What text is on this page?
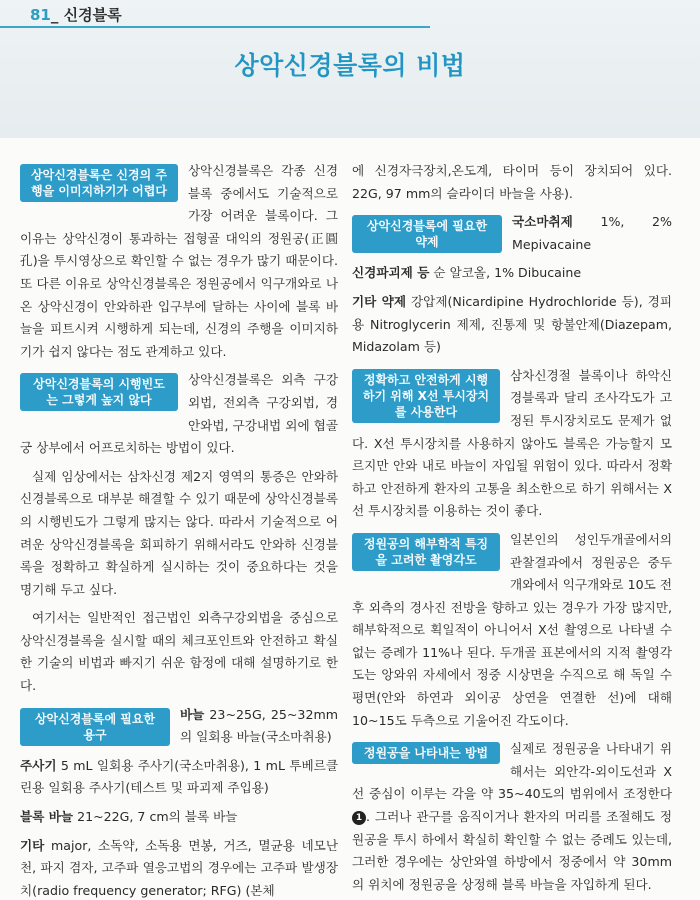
81_ 신경블록
상악신경블록의 비법
상악신경블록은 신경의 주행을 이미지하기가 어렵다

상악신경블록은 각종 신경블록 중에서도 기술적으로 가장 어려운 블록이다. 그 이유는 상악신경이 통과하는 접형골 대익의 정원공(正圓孔)을 투시영상으로 확인할 수 없는 경우가 많기 때문이다. 또 다른 이유로 상악신경블록은 정원공에서 익구개와로 나온 상악신경이 안와하관 입구부에 달하는 사이에 블록 바늘을 피트시켜 시행하게 되는데, 신경의 주행을 이미지하기가 쉽지 않다는 점도 관계하고 있다.

상악신경블록의 시행빈도는 그렇게 높지 않다

상악신경블록은 외측 구강외법, 전외측 구강외법, 경안와법, 구강내법 외에 협골궁 상부에서 어프로치하는 방법이 있다.

실제 임상에서는 삼차신경 제2지 영역의 통증은 안와하 신경블록으로 대부분 해결할 수 있기 때문에 상악신경블록의 시행빈도가 그렇게 많지는 않다. 따라서 기술적으로 어려운 상악신경블록을 회피하기 위해서라도 안와하 신경블록을 정확하고 확실하게 실시하는 것이 중요하다는 것을 명기해 두고 싶다.

여기서는 일반적인 접근법인 외측구강외법을 중심으로 상악신경블록을 실시할 때의 체크포인트와 안전하고 확실한 기술의 비법과 빠지기 쉬운 함정에 대해 설명하기로 한다.

상악신경블록에 필요한 용구

바늘 23~25G, 25~32mm의 일회용 바늘(국소마취용)

주사기 5 mL 일회용 주사기(국소마취용), 1 mL 투베르클린용 일회용 주사기(테스트 및 파괴제 주입용)

블록 바늘 21~22G, 7 cm의 블록 바늘

기타 major, 소독약, 소독용 면봉, 거즈, 멸균용 네모난 천, 파지 겸자, 고주파 열응고법의 경우에는 고주파 발생장치(radio frequency generator; RFG) (본체

에 신경자극장치,온도계, 타이머 등이 장치되어 있다. 22G, 97 mm의 슬라이더 바늘을 사용).

상악신경블록에 필요한 약제

국소마취제 1%, 2% Mepivacaine

신경파괴제 등 순 알코올, 1% Dibucaine

기타 약제 강압제(Nicardipine Hydrochloride 등), 경피용 Nitroglycerin 제제, 진통제 및 항불안제(Diazepam, Midazolam 등)

정확하고 안전하게 시행하기 위해 X선 투시장치를 사용한다

삼차신경절 블록이나 하악신경블록과 달리 조사각도가 고정된 투시장치로도 문제가 없다. X선 투시장치를 사용하지 않아도 블록은 가능할지 모르지만 안와 내로 바늘이 자입될 위험이 있다. 따라서 정확하고 안전하게 환자의 고통을 최소한으로 하기 위해서는 X선 투시장치를 이용하는 것이 좋다.

정원공의 해부학적 특징을 고려한 촬영각도

일본인의 성인두개골에서의 관찰결과에서 정원공은 중두개와에서 익구개와로 10도 전후 외측의 경사진 전방을 향하고 있는 경우가 가장 많지만, 해부학적으로 획일적이 아니어서 X선 촬영으로 나타낼 수 없는 증례가 11%나 된다. 두개골 표본에서의 지적 촬영각도는 앙와위 자세에서 정중 시상면을 수직으로 해 독일 수평면(안와 하연과 외이공 상연을 연결한 선)에 대해 10~15도 두측으로 기울어진 각도이다.

정원공을 나타내는 방법	실제로 정원공을 나타내기 위해서는 외안각-외이도선과 X선 중심이 이루는 각을 약 35~40도의 범위에서 조정한다1 . 그러나 관구를 움직이거나 환자의 머리를 조절해도 정원공을 투시 하에서 확실히 확인할 수 없는 증례도 있는데, 그러한 경우에는 상안와열 하방에서 정중에서 약 30mm의 위치에 정원공을 상정해 블록 바늘을 자입하게 된다.
